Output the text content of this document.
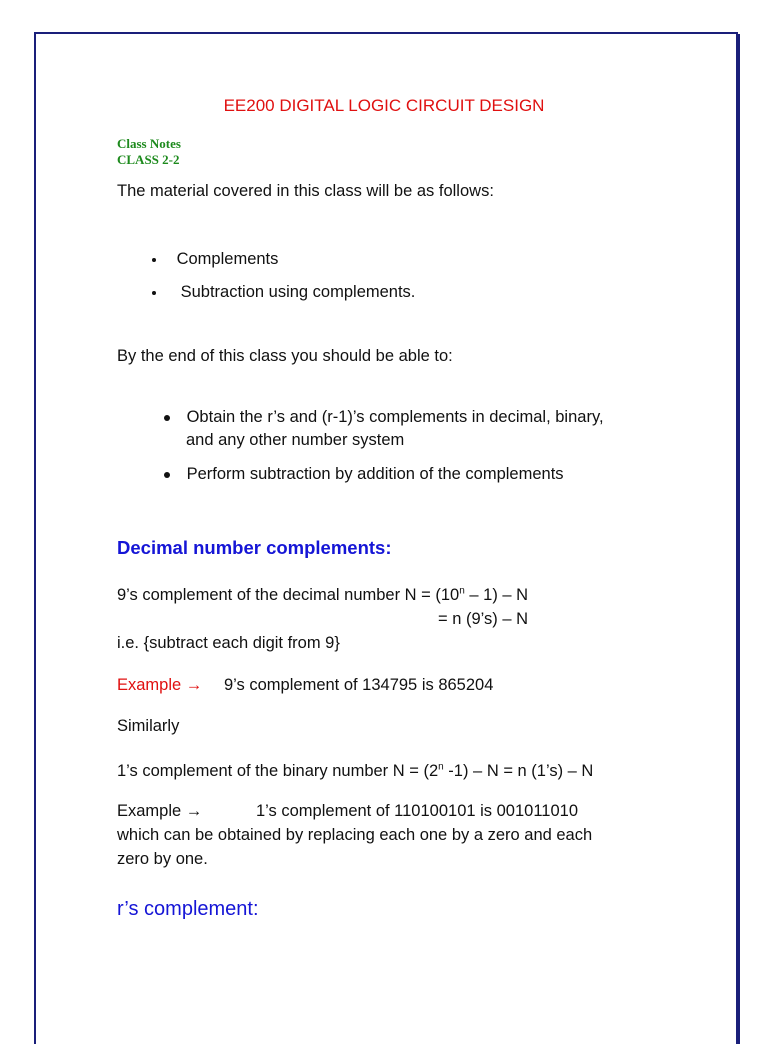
EE200 DIGITAL LOGIC CIRCUIT DESIGN
Class Notes
CLASS 2-2
The material covered in this class will be as follows:
Complements
Subtraction using complements.
By the end of this class you should be able to:
Obtain the r’s and (r-1)’s complements in decimal, binary,
and any other number system
Perform subtraction by addition of the complements
Decimal number complements:
9’s complement of the decimal number $N = (10^n - 1) - N$
= n (9’s) – N
i.e. {subtract each digit from 9}
Example → 9’s complement of 134795 is 865204
Similarly
1’s complement of the binary number $N = (2^n$ -1) – N = n (1’s) – N
Example →	1’s complement of 110100101 is 001011010
which can be obtained by replacing each one by a zero and each
zero by one.
r’s complement:
